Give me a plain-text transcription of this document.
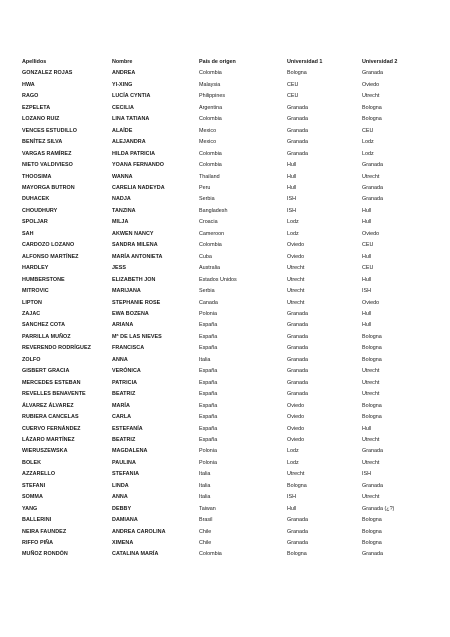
Apellidos	Nombre	País de origen	Universidad 1	Universidad 2
GONZALEZ ROJAS	ANDREA	Colombia	Bologna	Granada
HWA	YI-XING	Malaysia	CEU	Oviedo
RAGO	LUCÍA CYNTIA	Philippines	CEU	Utrecht
EZPELETA	CECILIA	Argentina	Granada	Bologna
LOZANO RUIZ	LINA TATIANA	Colombia	Granada	Bologna
VENCES ESTUDILLO	ALAÍDE	Mexico	Granada	CEU
BENÍTEZ SILVA	ALEJANDRA	Mexico	Granada	Lodz
VARGAS RAMÍREZ	HILDA PATRICIA	Colombia	Granada	Lodz
NIETO VALDIVIESO	YOANA FERNANDO	Colombia	Hull	Granada
THOOSIMA	WANNA	Thailand	Hull	Utrecht
MAYORGA BUTRON	CARELIA NADEYDA	Peru	Hull	Granada
DUHACEK	NADJA	Serbia	ISH	Granada
CHOUDHURY	TANZINA	Bangladesh	ISH	Hull
SPOLJAR	MILJA	Croacia	Lodz	Hull
SAH	AKWEN NANCY	Cameroon	Lodz	Oviedo
CARDOZO LOZANO	SANDRA MILENA	Colombia	Oviedo	CEU
ALFONSO MARTÍNEZ	MARÍA ANTONIETA	Cuba	Oviedo	Hull
HARDLEY	JESS	Australia	Utrecht	CEU
HUMBERSTONE	ELIZABETH JON	Estados Unidos	Utrecht	Hull
MITROVIC	MARIJANA	Serbia	Utrecht	ISH
LIPTON	STEPHANIE ROSE	Canada	Utrecht	Oviedo
ZAJAC	EWA BOZENA	Polonia	Granada	Hull
SANCHEZ COTA	ARIANA	España	Granada	Hull
PARRILLA MUÑOZ	Mª DE LAS NIEVES	España	Granada	Bologna
REVERENDO RODRÍGUEZ	FRANCISCA	España	Granada	Bologna
ZOLFO	ANNA	Italia	Granada	Bologna
GISBERT GRACIA	VERÓNICA	España	Granada	Utrecht
MERCEDES ESTEBAN	PATRICIA	España	Granada	Utrecht
REVELLES BENAVENTE	BEATRIZ	España	Granada	Utrecht
ÁLVAREZ ÁLVAREZ	MARÍA	España	Oviedo	Bologna
RUBIERA CANCELAS	CARLA	España	Oviedo	Bologna
CUERVO FERNÁNDEZ	ESTEFANÍA	España	Oviedo	Hull
LÁZARO MARTÍNEZ	BEATRIZ	España	Oviedo	Utrecht
WIERUSZEWSKA	MAGDALENA	Polonia	Lodz	Granada
BOLEK	PAULINA	Polonia	Lodz	Utrecht
AZZARELLO	STEFANIA	Italia	Utrecht	ISH
STEFANI	LINDA	Italia	Bologna	Granada
SOMMA	ANNA	Italia	ISH	Utrecht
YANG	DEBBY	Taiwan	Hull	Granada (¿?)
BALLERINI	DAMIANA	Brasil	Granada	Bologna
NEIRA FAUNDEZ	ANDREA CAROLINA	Chile	Granada	Bologna
RIFFO PIÑA	XIMENA	Chile	Granada	Bologna
MUÑOZ RONDÓN	CATALINA MARÍA	Colombia	Bologna	Granada
